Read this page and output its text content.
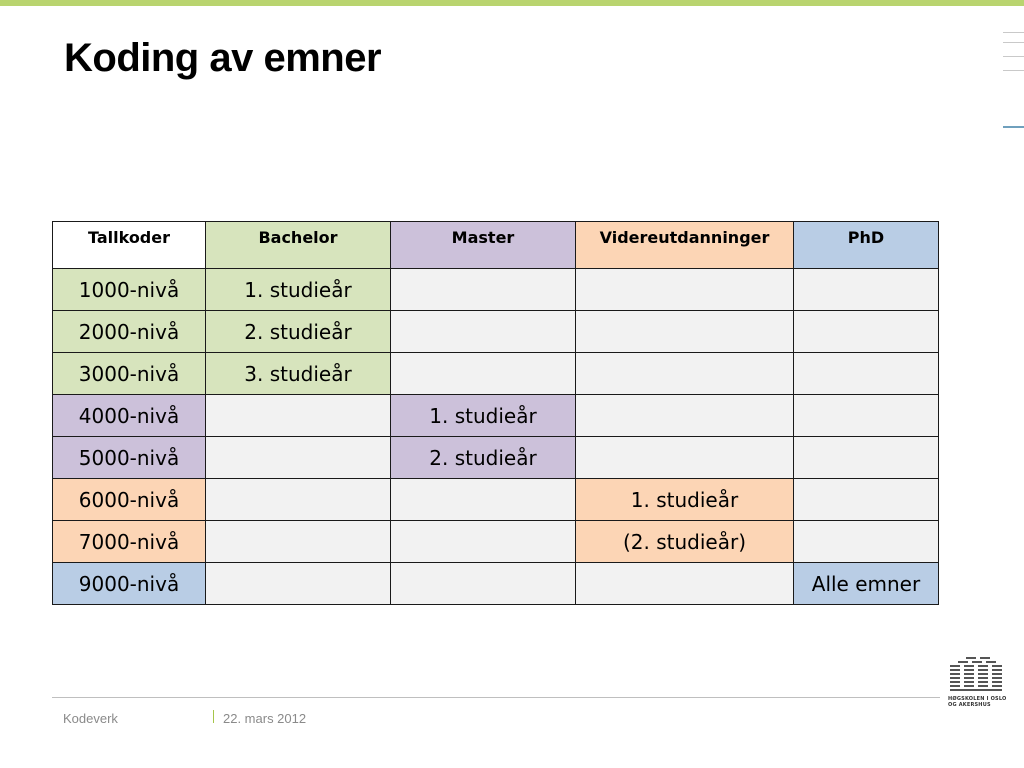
Koding av emner
Tallkoder	Bachelor	Master	Videreutdanninger	PhD
1000-nivå	1. studieår			
2000-nivå	2. studieår			
3000-nivå	3. studieår			
4000-nivå		1. studieår		
5000-nivå		2. studieår		
6000-nivå			1. studieår	
7000-nivå			(2. studieår)	
9000-nivå				Alle emner
Kodeverk	22. mars 2012
HØGSKOLEN I OSLO
OG AKERSHUS
